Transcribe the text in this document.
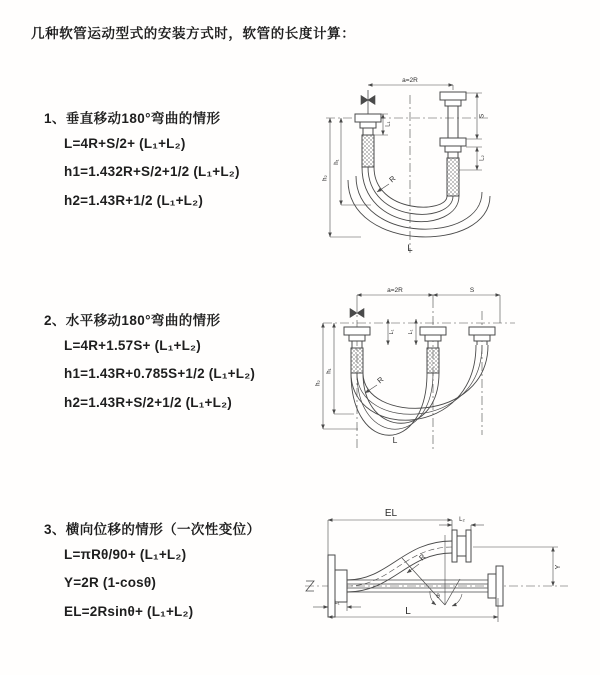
几种软管运动型式的安装方式时，软管的长度计算：
1、垂直移动180°弯曲的情形
L=4R+S/2+ (L₁+L₂)
h1=1.432R+S/2+1/2 (L₁+L₂)
h2=1.43R+1/2 (L₁+L₂)
2、水平移动180°弯曲的情形
L=4R+1.57S+ (L₁+L₂)
h1=1.43R+0.785S+1/2 (L₁+L₂)
h2=1.43R+S/2+1/2 (L₁+L₂)
3、横向位移的情形（一次性变位）
L=πRθ/90+ (L₁+L₂)
Y=2R (1-cosθ)
EL=2Rsinθ+ (L₁+L₂)
a=2R
L₁
S
L₂
h₁
h₂	R
L
a=2R	S
L₁ L₁
h₁
h₂	R
L
EL
L₂
Y
R
θ
L
L₁
